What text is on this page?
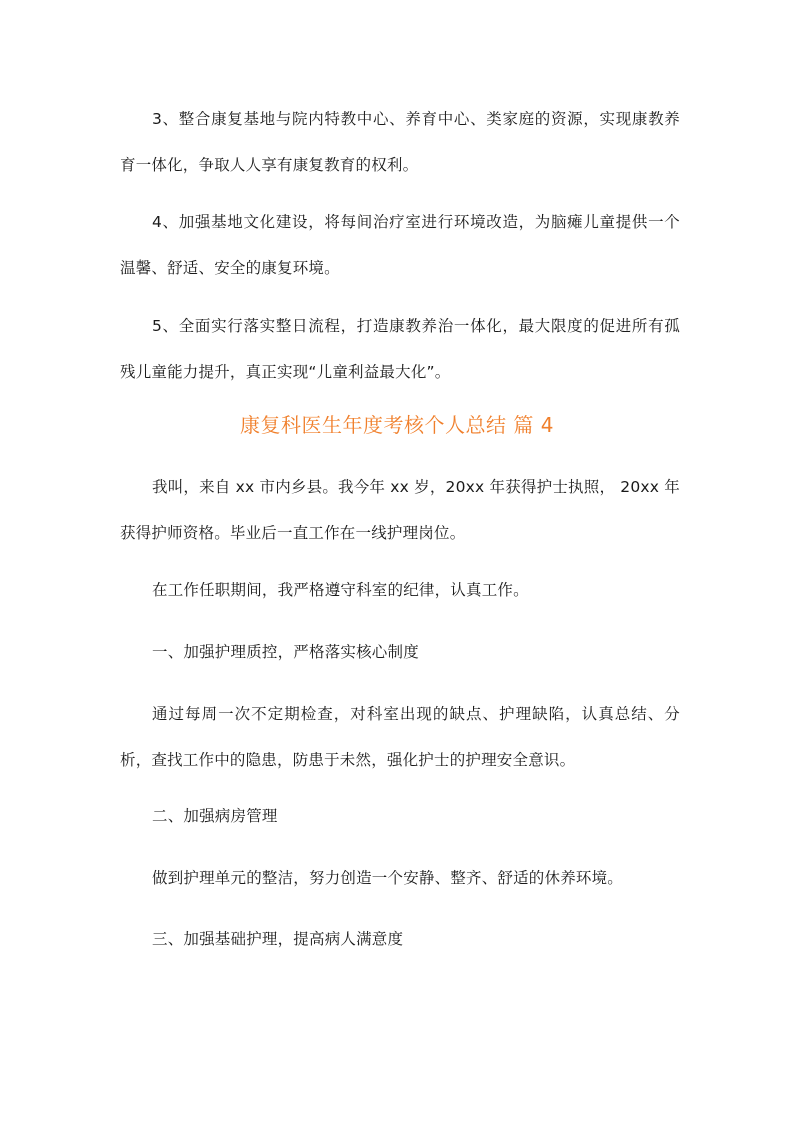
3、整合康复基地与院内特教中心、养育中心、类家庭的资源，实现康教养育一体化，争取人人享有康复教育的权利。

4、加强基地文化建设，将每间治疗室进行环境改造，为脑瘫儿童提供一个温馨、舒适、安全的康复环境。

5、全面实行落实整日流程，打造康教养治一体化，最大限度的促进所有孤残儿童能力提升，真正实现“儿童利益最大化”。

康复科医生年度考核个人总结 篇 4

我叫，来自 xx 市内乡县。我今年 xx 岁，20xx 年获得护士执照， 20xx 年获得护师资格。毕业后一直工作在一线护理岗位。

在工作任职期间，我严格遵守科室的纪律，认真工作。

一、加强护理质控，严格落实核心制度

通过每周一次不定期检查，对科室出现的缺点、护理缺陷，认真总结、分析，查找工作中的隐患，防患于未然，强化护士的护理安全意识。

二、加强病房管理

做到护理单元的整洁，努力创造一个安静、整齐、舒适的休养环境。

三、加强基础护理，提高病人满意度
